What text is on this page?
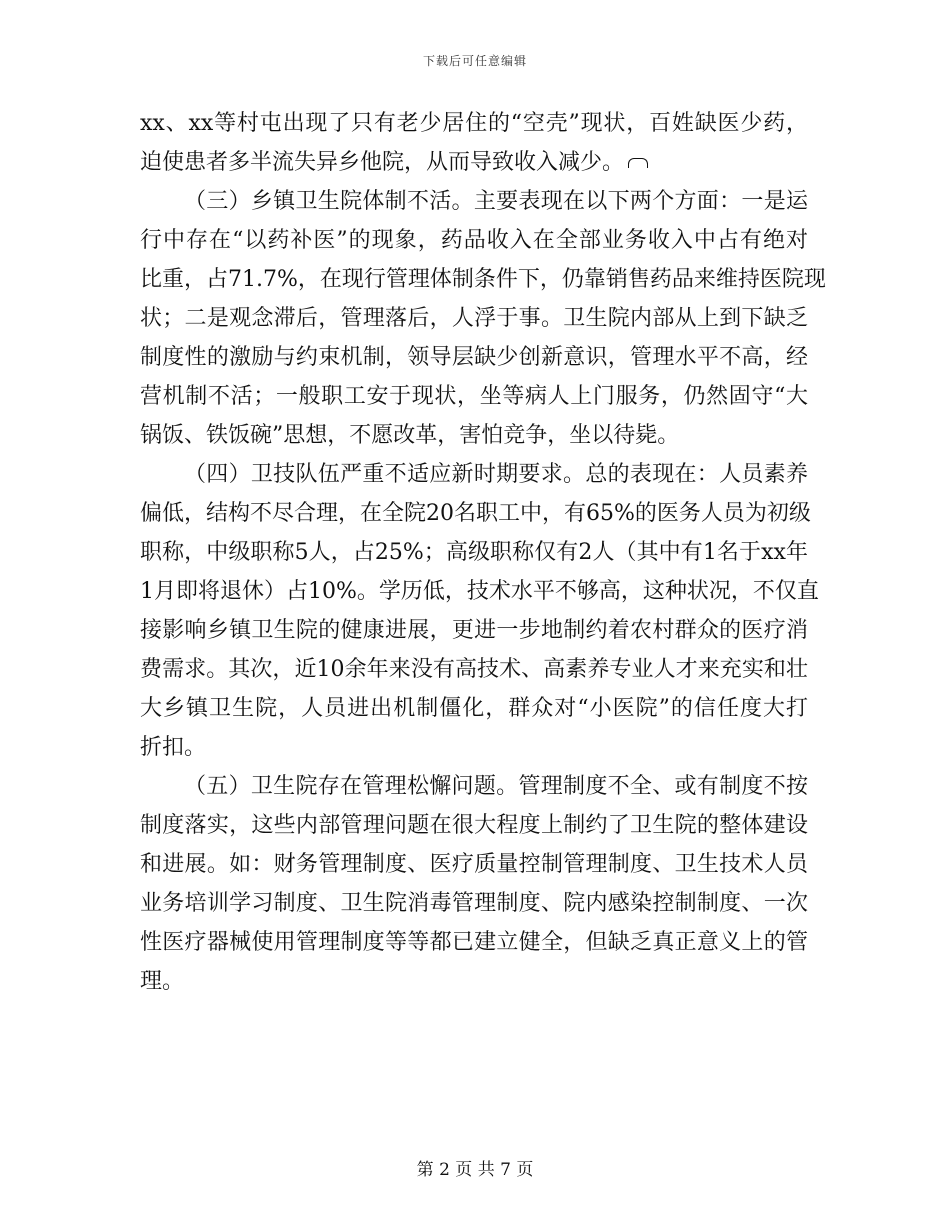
下载后可任意编辑
xx、xx等村屯出现了只有老少居住的“空壳”现状，百姓缺医少药，
迫使患者多半流失异乡他院，从而导致收入减少。
（三）乡镇卫生院体制不活。主要表现在以下两个方面：一是运
行中存在“以药补医”的现象，药品收入在全部业务收入中占有绝对
比重，占71.7%，在现行管理体制条件下，仍靠销售药品来维持医院现
状；二是观念滞后，管理落后，人浮于事。卫生院内部从上到下缺乏
制度性的激励与约束机制，领导层缺少创新意识，管理水平不高，经
营机制不活；一般职工安于现状，坐等病人上门服务，仍然固守“大
锅饭、铁饭碗”思想，不愿改革，害怕竞争，坐以待毙。
（四）卫技队伍严重不适应新时期要求。总的表现在：人员素养
偏低，结构不尽合理，在全院20名职工中，有65%的医务人员为初级
职称，中级职称5人，占25%；高级职称仅有2人（其中有1名于xx年
1月即将退休）占10%。学历低，技术水平不够高，这种状况，不仅直
接影响乡镇卫生院的健康进展，更进一步地制约着农村群众的医疗消
费需求。其次，近10余年来没有高技术、高素养专业人才来充实和壮
大乡镇卫生院，人员进出机制僵化，群众对“小医院”的信任度大打
折扣。
（五）卫生院存在管理松懈问题。管理制度不全、或有制度不按
制度落实，这些内部管理问题在很大程度上制约了卫生院的整体建设
和进展。如：财务管理制度、医疗质量控制管理制度、卫生技术人员
业务培训学习制度、卫生院消毒管理制度、院内感染控制制度、一次
性医疗器械使用管理制度等等都已建立健全，但缺乏真正意义上的管
理。
第 2 页 共 7 页
